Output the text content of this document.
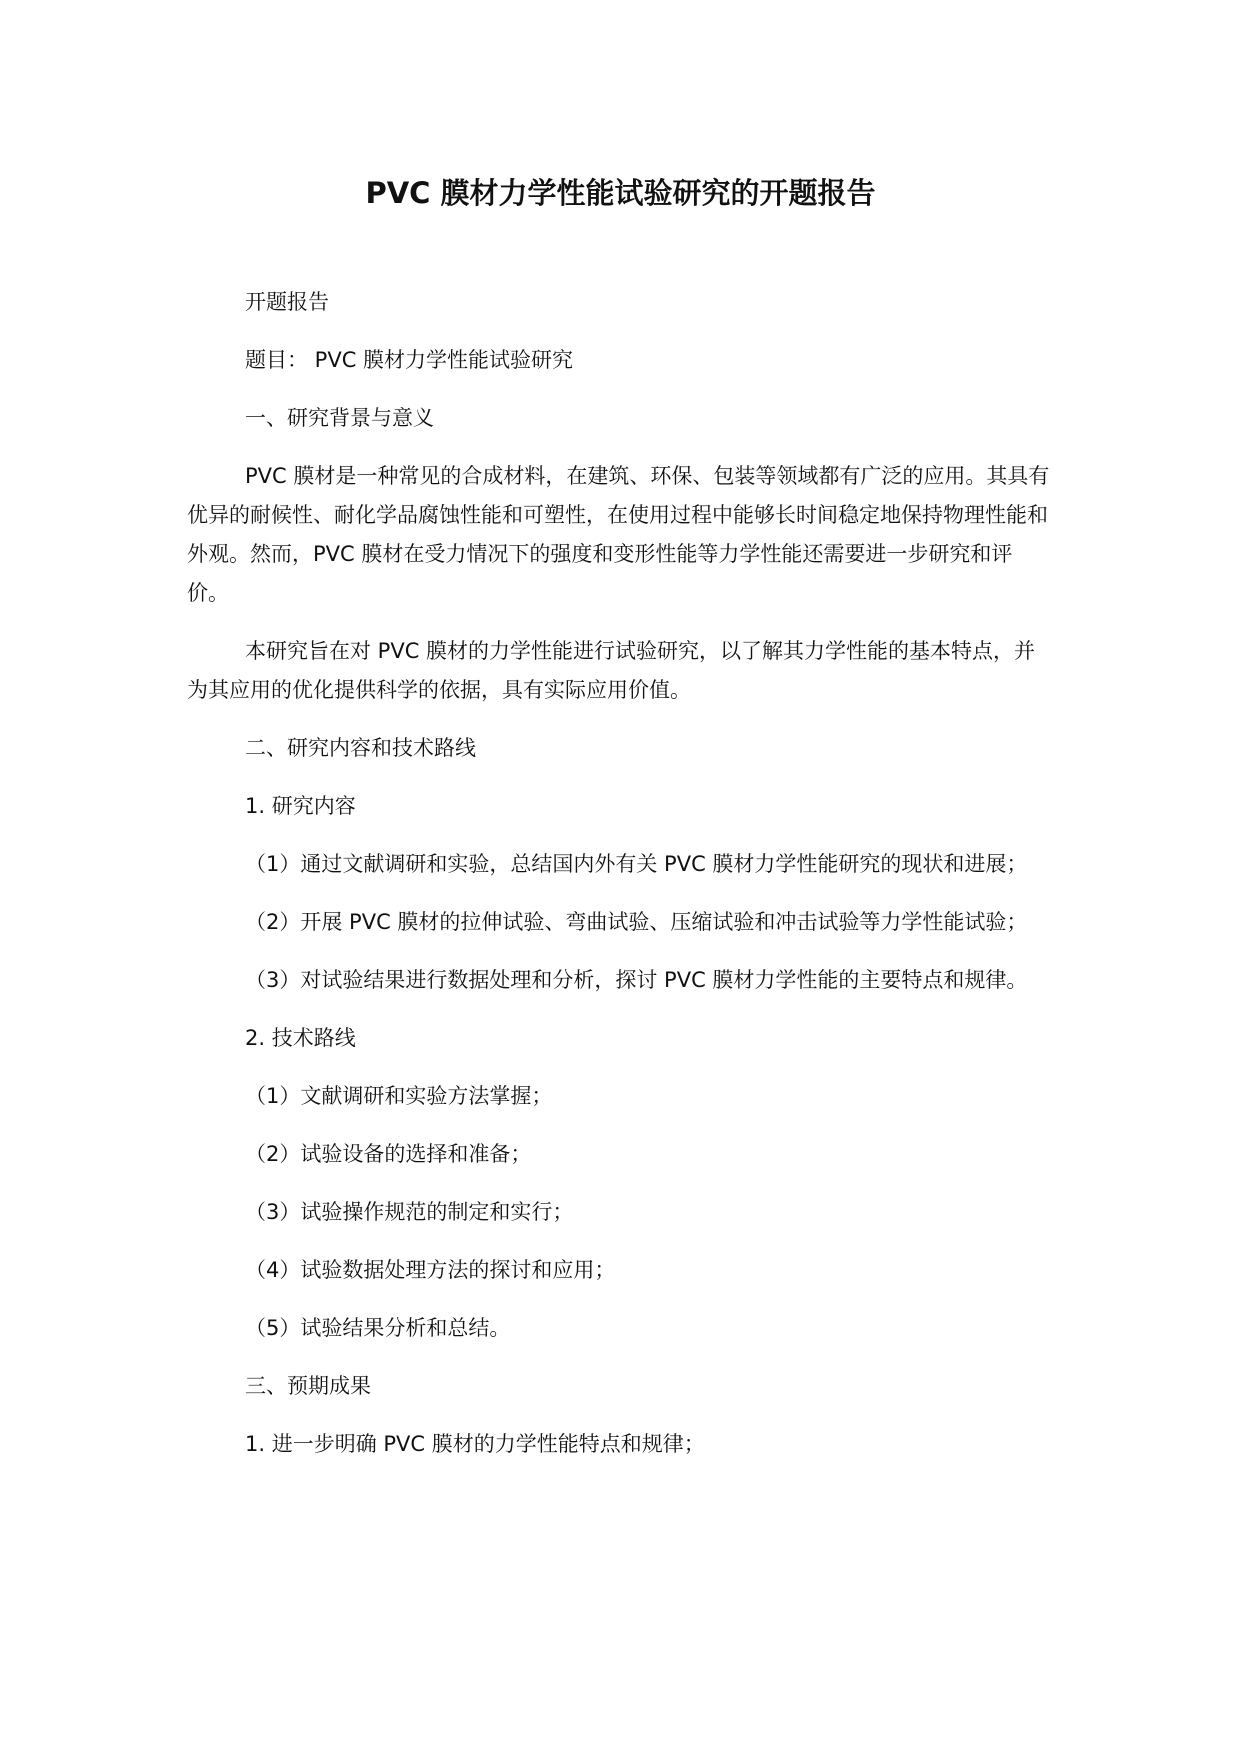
PVC 膜材力学性能试验研究的开题报告

开题报告

题目： PVC 膜材力学性能试验研究

一、研究背景与意义

PVC 膜材是一种常见的合成材料，在建筑、环保、包装等领域都有广泛的应用。其具有优异的耐候性、耐化学品腐蚀性能和可塑性，在使用过程中能够长时间稳定地保持物理性能和外观。然而，PVC 膜材在受力情况下的强度和变形性能等力学性能还需要进一步研究和评价。

本研究旨在对 PVC 膜材的力学性能进行试验研究，以了解其力学性能的基本特点，并为其应用的优化提供科学的依据，具有实际应用价值。

二、研究内容和技术路线

1. 研究内容

（1）通过文献调研和实验，总结国内外有关 PVC 膜材力学性能研究的现状和进展；

（2）开展 PVC 膜材的拉伸试验、弯曲试验、压缩试验和冲击试验等力学性能试验；

（3）对试验结果进行数据处理和分析，探讨 PVC 膜材力学性能的主要特点和规律。

2. 技术路线

（1）文献调研和实验方法掌握；

（2）试验设备的选择和准备；

（3）试验操作规范的制定和实行；

（4）试验数据处理方法的探讨和应用；

（5）试验结果分析和总结。

三、预期成果

1. 进一步明确 PVC 膜材的力学性能特点和规律；
